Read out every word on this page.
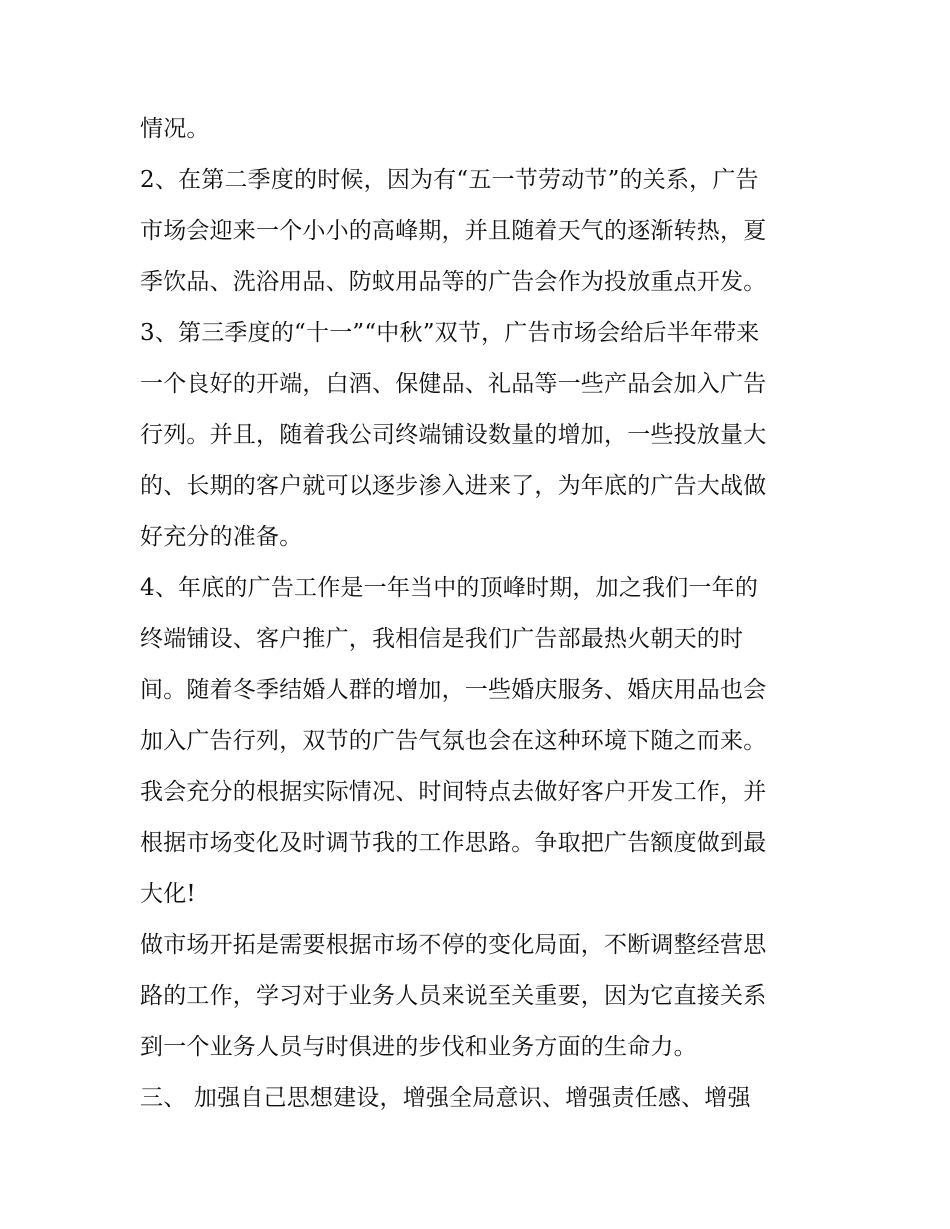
情况。
2、在第二季度的时候，因为有“五一节劳动节”的关系，广告
市场会迎来一个小小的高峰期，并且随着天气的逐渐转热，夏
季饮品、洗浴用品、防蚊用品等的广告会作为投放重点开发。
3、第三季度的“十一”“中秋”双节，广告市场会给后半年带来
一个良好的开端，白酒、保健品、礼品等一些产品会加入广告
行列。并且，随着我公司终端铺设数量的增加，一些投放量大
的、长期的客户就可以逐步渗入进来了，为年底的广告大战做
好充分的准备。
4、年底的广告工作是一年当中的顶峰时期，加之我们一年的
终端铺设、客户推广，我相信是我们广告部最热火朝天的时
间。随着冬季结婚人群的增加，一些婚庆服务、婚庆用品也会
加入广告行列，双节的广告气氛也会在这种环境下随之而来。
我会充分的根据实际情况、时间特点去做好客户开发工作，并
根据市场变化及时调节我的工作思路。争取把广告额度做到最
大化!
做市场开拓是需要根据市场不停的变化局面，不断调整经营思
路的工作，学习对于业务人员来说至关重要，因为它直接关系
到一个业务人员与时俱进的步伐和业务方面的生命力。
三、 加强自己思想建设，增强全局意识、增强责任感、增强
